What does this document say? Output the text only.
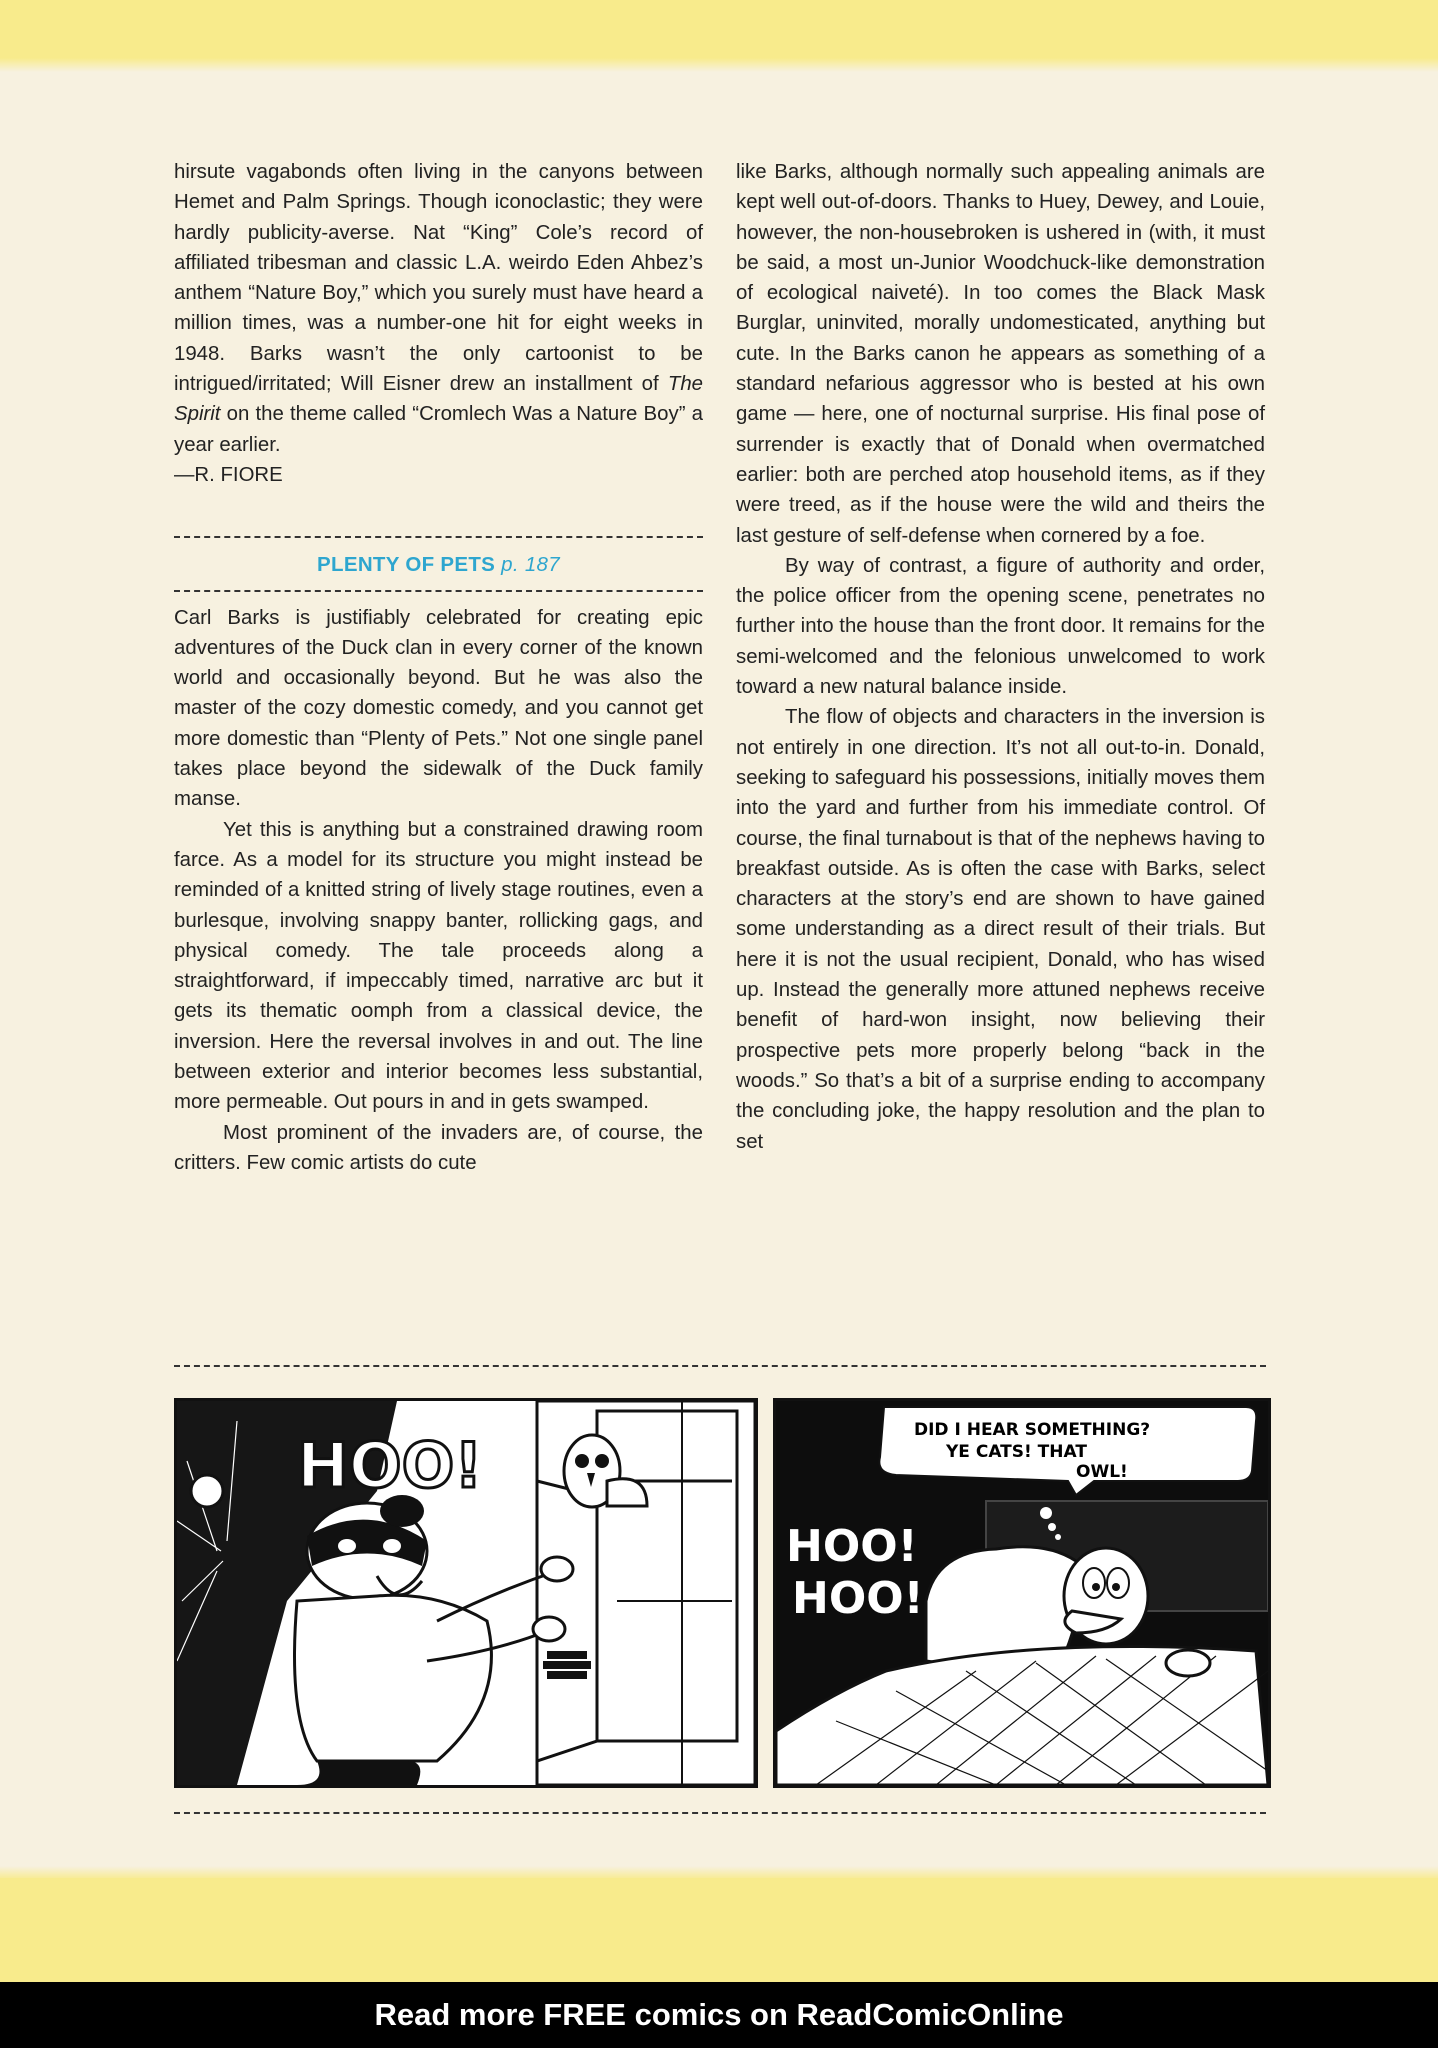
hirsute vagabonds often living in the canyons between Hemet and Palm Springs. Though iconoclastic; they were hardly publicity-averse. Nat “King” Cole’s record of affiliated tribesman and classic L.A. weirdo Eden Ahbez’s anthem “Nature Boy,” which you surely must have heard a million times, was a number-one hit for eight weeks in 1948. Barks wasn’t the only cartoonist to be intrigued/irritated; Will Eisner drew an installment of The Spirit on the theme called “Cromlech Was a Nature Boy” a year earlier.

—R. FIORE

PLENTY OF PETS p. 187

Carl Barks is justifiably celebrated for creating epic adventures of the Duck clan in every corner of the known world and occasionally beyond. But he was also the master of the cozy domestic comedy, and you cannot get more domestic than “Plenty of Pets.” Not one single panel takes place beyond the sidewalk of the Duck family manse.

Yet this is anything but a constrained drawing room farce. As a model for its structure you might instead be reminded of a knitted string of lively stage routines, even a burlesque, involving snappy banter, rollicking gags, and physical comedy. The tale proceeds along a straightforward, if impeccably timed, narrative arc but it gets its thematic oomph from a classical device, the inversion. Here the reversal involves in and out. The line between exterior and interior becomes less substantial, more permeable. Out pours in and in gets swamped.

Most prominent of the invaders are, of course, the critters. Few comic artists do cute

like Barks, although normally such appealing animals are kept well out-of-doors. Thanks to Huey, Dewey, and Louie, however, the non-housebroken is ushered in (with, it must be said, a most un-Junior Woodchuck-like demonstration of ecological naiveté). In too comes the Black Mask Burglar, uninvited, morally undomesticated, anything but cute. In the Barks canon he appears as something of a standard nefarious aggressor who is bested at his own game — here, one of nocturnal surprise. His final pose of surrender is exactly that of Donald when overmatched earlier: both are perched atop household items, as if they were treed, as if the house were the wild and theirs the last gesture of self-defense when cornered by a foe.

By way of contrast, a figure of authority and order, the police officer from the opening scene, penetrates no further into the house than the front door. It remains for the semi-welcomed and the felonious unwelcomed to work toward a new natural balance inside.

The flow of objects and characters in the inversion is not entirely in one direction. It’s not all out-to-in. Donald, seeking to safeguard his possessions, initially moves them into the yard and further from his immediate control. Of course, the final turnabout is that of the nephews having to breakfast outside. As is often the case with Barks, select characters at the story’s end are shown to have gained some understanding as a direct result of their trials. But here it is not the usual recipient, Donald, who has wised up. Instead the generally more attuned nephews receive benefit of hard-won insight, now believing their prospective pets more properly belong “back in the woods.” So that’s a bit of a surprise ending to accompany the concluding joke, the happy resolution and the plan to set

HOO!	DID I HEAR SOMETHING?
YE CATS! THAT
OWL!
HOO!
HOO!
Read more FREE comics on ReadComicOnline
